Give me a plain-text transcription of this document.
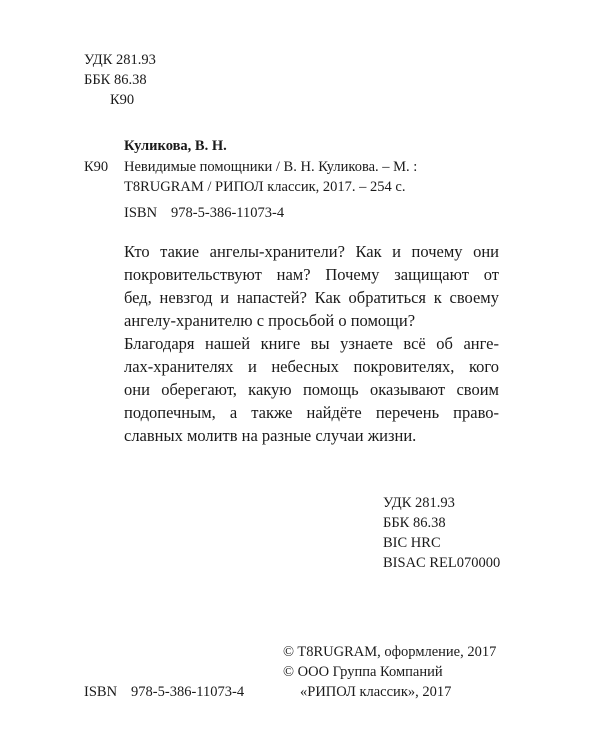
УДК 281.93
ББК 86.38
К90
Куликова, В. Н.
К90 Невидимые помощники / В. Н. Куликова. – М. :
T8RUGRAM / РИПОЛ классик, 2017. – 254 с.
ISBN 978-5-386-11073-4

Кто такие ангелы-хранители? Как и почему они
покровительствуют нам? Почему защищают от
бед, невзгод и напастей? Как обратиться к своему
ангелу-хранителю с просьбой о помощи?

Благодаря нашей книге вы узнаете всё об анге-
лах-хранителях и небесных покровителях, кого
они оберегают, какую помощь оказывают своим
подопечным, а также найдёте перечень право-
славных молитв на разные случаи жизни.

УДК 281.93
ББК 86.38
BIC HRC
BISAC REL070000
© T8RUGRAM, оформление, 2017
© ООО Группа Компаний
«РИПОЛ классик», 2017
ISBN 978-5-386-11073-4
